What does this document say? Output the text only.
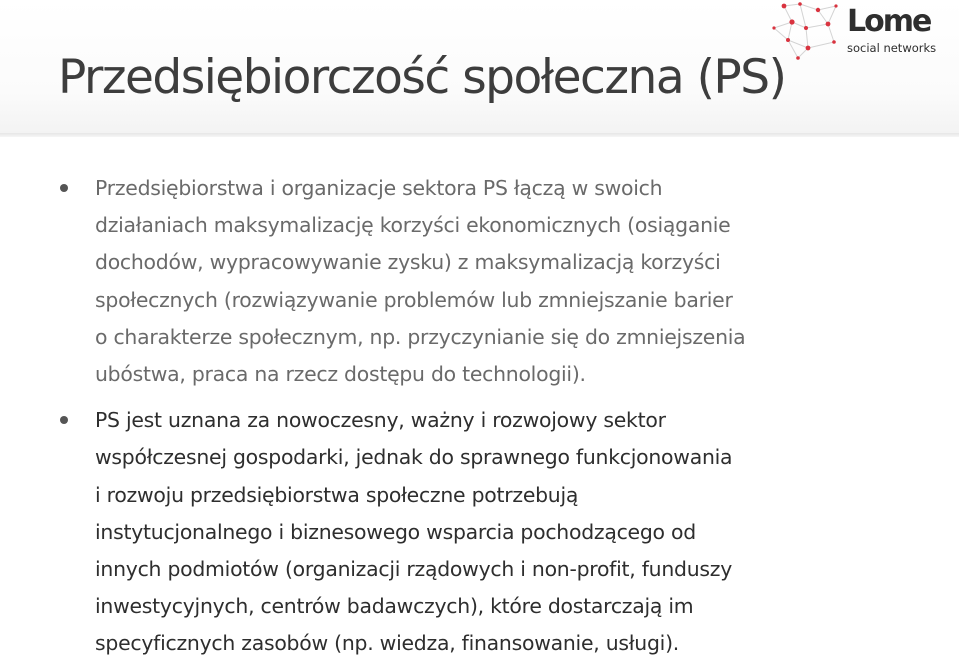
Przedsiębiorczość społeczna (PS)
Lome
social networks
Przedsiębiorstwa i organizacje sektora PS łączą w swoich
działaniach maksymalizację korzyści ekonomicznych (osiąganie
dochodów, wypracowywanie zysku) z maksymalizacją korzyści
społecznych (rozwiązywanie problemów lub zmniejszanie barier
o charakterze społecznym, np. przyczynianie się do zmniejszenia
ubóstwa, praca na rzecz dostępu do technologii).
PS jest uznana za nowoczesny, ważny i rozwojowy sektor
współczesnej gospodarki, jednak do sprawnego funkcjonowania
i rozwoju przedsiębiorstwa społeczne potrzebują
instytucjonalnego i biznesowego wsparcia pochodzącego od
innych podmiotów (organizacji rządowych i non-profit, funduszy
inwestycyjnych, centrów badawczych), które dostarczają im
specyficznych zasobów (np. wiedza, finansowanie, usługi).
